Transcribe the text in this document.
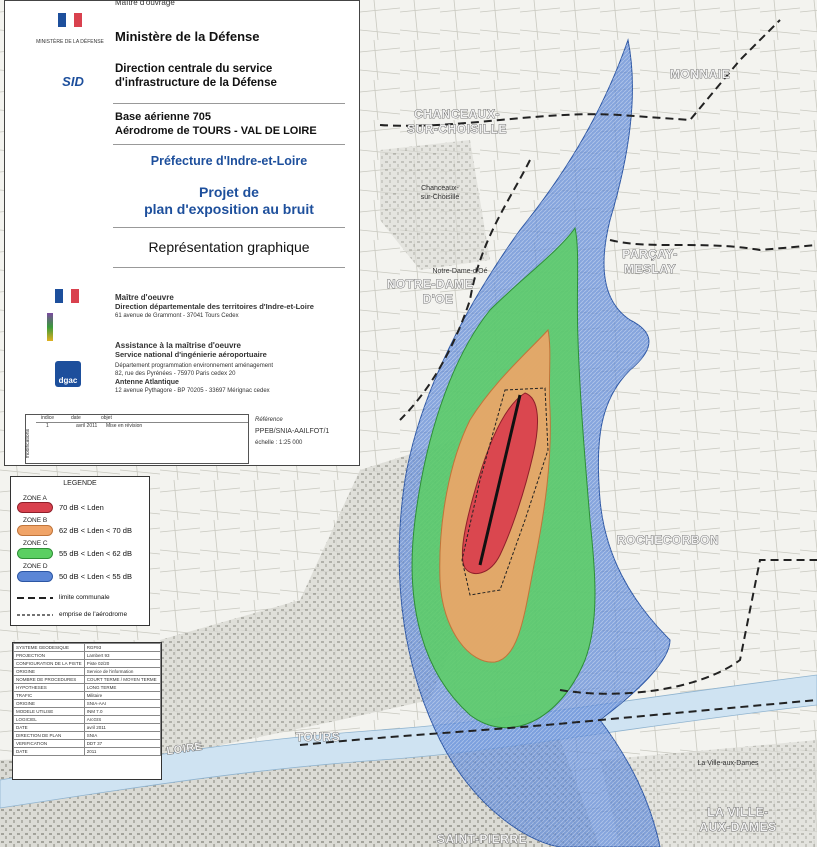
CHANCEAUX-
SUR-CHOISILLE
Chanceaux-
sur-Choisille
MONNAIE
NOTRE-DAME
D'OE
Notre-Dame-d'Oé
PARÇAY-
MESLAY
ROCHECORBON
TOURS
LOIRE
SAINT-PIERRE
LA VILLE-
AUX-DAMES
La Ville-aux-Dames

Maître d'ouvrage

MINISTÈRE DE LA DÉFENSE Ministère de la Défense

SID

Direction centrale du service

d'infrastructure de la Défense

Base aérienne 705

Aérodrome de TOURS - VAL DE LOIRE

Préfecture d'Indre-et-Loire

Projet de

plan d'exposition au bruit

Représentation graphique

Maître d'oeuvre

Direction départementale des territoires d'Indre-et-Loire

61 avenue de Grammont - 37041 Tours Cedex

Assistance à la maîtrise d'oeuvre

Service national d'ingénierie aéroportuaire

Département programmation environnement aménagement

82, rue des Pyrénées - 75970 Paris cedex 20

Antenne Atlantique

12 avenue Pythagore - BP 70205 - 33697 Mérignac cedex

dgac
modifications
indice	date	objet
1	avril 2011	Mise en révision
Référence
PPEB/SNIA-AAILFOT/1
échelle : 1:25 000
LEGENDE
ZONE A
70 dB < Lden
ZONE B
62 dB < Lden < 70 dB
ZONE C
55 dB < Lden < 62 dB
ZONE D
50 dB < Lden < 55 dB
limite communale
emprise de l'aérodrome
SYSTEME GEODESIQUE	RGF93
PROJECTION	Lambert 93
CONFIGURATION DE LA PISTE	Piste 02/20
ORIGINE	Service de l'information
NOMBRE DE PROCEDURES	COURT TERME / MOYEN TERME
HYPOTHESES	LONG TERME
TRAFIC	Militaire
ORIGINE	SNIA-AAI
MODELE UTILISE	INM 7.0
LOGICIEL	ArcGIS
DATE	avril 2011
DIRECTION DE PLAN	SNIA
VERIFICATION	DDT 37
DATE	2011
